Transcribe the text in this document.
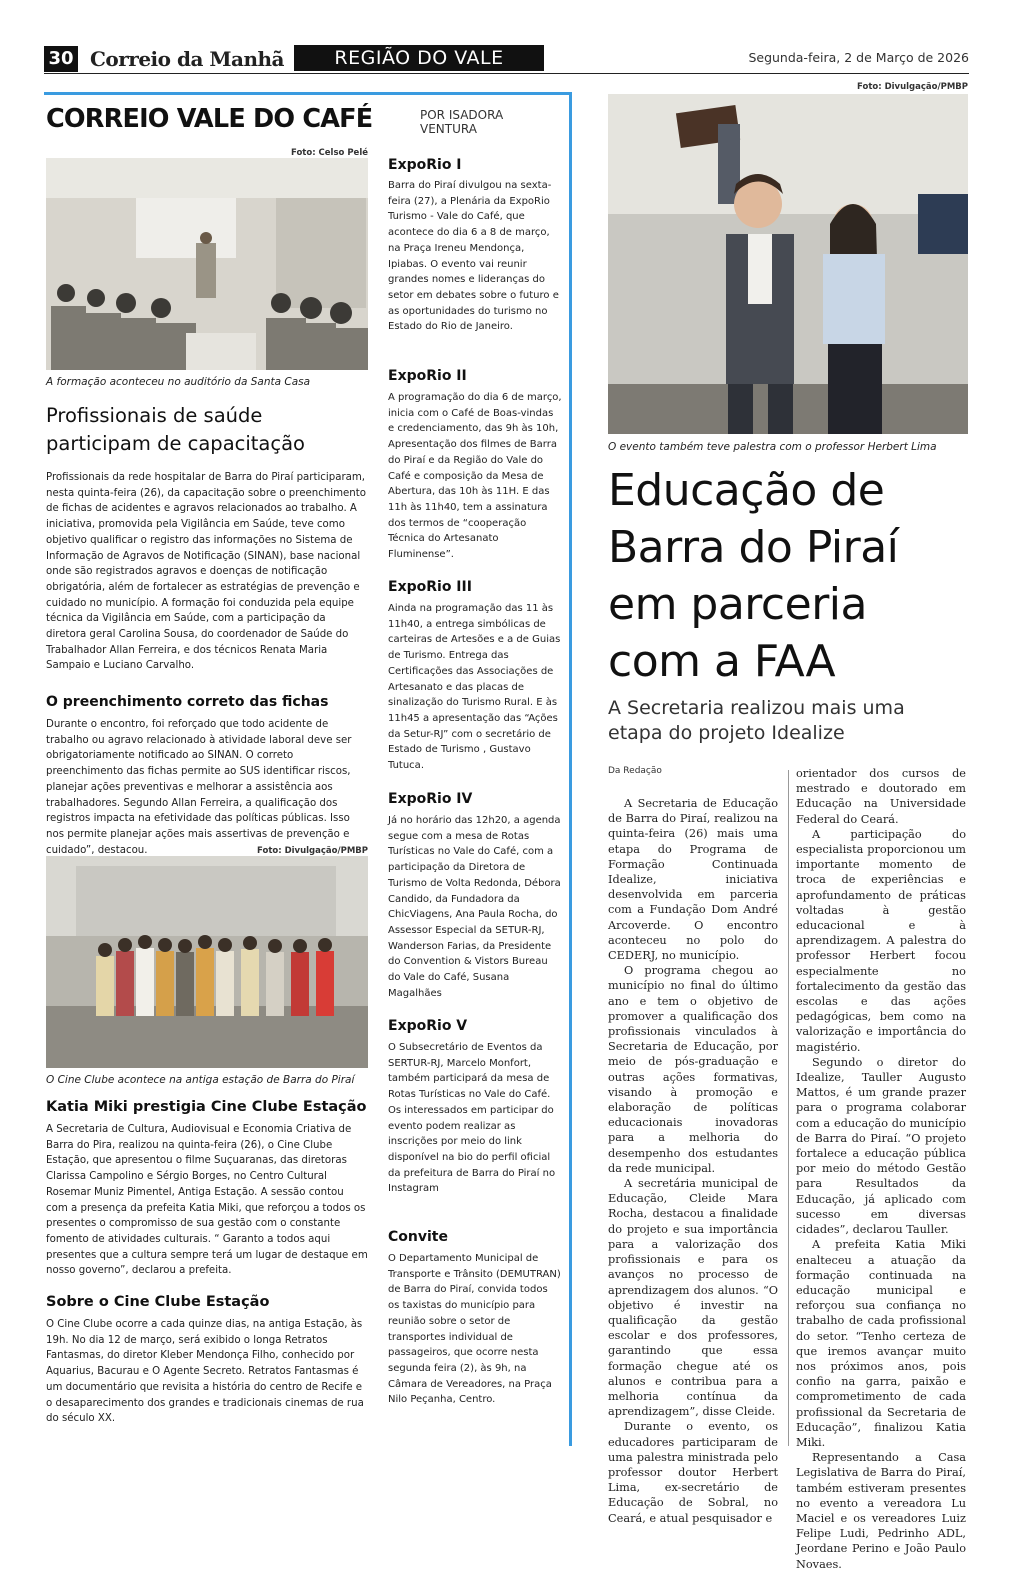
30 Correio da Manhã	REGIÃO DO VALE	Segunda-feira, 2 de Março de 2026
CORREIO VALE DO CAFÉ	POR ISADORA
VENTURA
Foto: Celso Pelé
A formação aconteceu no auditório da Santa Casa
Profissionais de saúde
participam de capacitação
Profissionais da rede hospitalar de Barra do Piraí participaram, nesta quinta-feira (26), da capacitação sobre o preenchimento de fichas de acidentes e agravos relacionados ao trabalho. A iniciativa, promovida pela Vigilância em Saúde, teve como objetivo qualificar o registro das informações no Sistema de Informação de Agravos de Notificação (SINAN), base nacional onde são registrados agravos e doenças de notificação obrigatória, além de fortalecer as estratégias de prevenção e cuidado no município. A formação foi conduzida pela equipe técnica da Vigilância em Saúde, com a participação da diretora geral Carolina Sousa, do coordenador de Saúde do Trabalhador Allan Ferreira, e dos técnicos Renata Maria Sampaio e Luciano Carvalho.
O preenchimento correto das fichas
Durante o encontro, foi reforçado que todo acidente de trabalho ou agravo relacionado à atividade laboral deve ser obrigatoriamente notificado ao SINAN. O correto preenchimento das fichas permite ao SUS identificar riscos, planejar ações preventivas e melhorar a assistência aos trabalhadores. Segundo Allan Ferreira, a qualificação dos registros impacta na efetividade das políticas públicas. Isso nos permite planejar ações mais assertivas de prevenção e cuidado”, destacou.	Foto: Divulgação/PMBP
O Cine Clube acontece na antiga estação de Barra do Piraí
Katia Miki prestigia Cine Clube Estação
A Secretaria de Cultura, Audiovisual e Economia Criativa de Barra do Pira, realizou na quinta-feira (26), o Cine Clube Estação, que apresentou o filme Suçuaranas, das diretoras Clarissa Campolino e Sérgio Borges, no Centro Cultural Rosemar Muniz Pimentel, Antiga Estação. A sessão contou com a presença da prefeita Katia Miki, que reforçou a todos os presentes o compromisso de sua gestão com o constante fomento de atividades culturais. “ Garanto a todos aqui presentes que a cultura sempre terá um lugar de destaque em nosso governo”, declarou a prefeita.
Sobre o Cine Clube Estação
O Cine Clube ocorre a cada quinze dias, na antiga Estação, às 19h. No dia 12 de março, será exibido o longa Retratos Fantasmas, do diretor Kleber Mendonça Filho, conhecido por Aquarius, Bacurau e O Agente Secreto. Retratos Fantasmas é um documentário que revisita a história do centro de Recife e o desaparecimento dos grandes e tradicionais cinemas de rua do século XX.
ExpoRio I
Barra do Piraí divulgou na sexta-feira (27), a Plenária da ExpoRio Turismo - Vale do Café, que acontece do dia 6 a 8 de março, na Praça Ireneu Mendonça, Ipiabas. O evento vai reunir grandes nomes e lideranças do setor em debates sobre o futuro e as oportunidades do turismo no Estado do Rio de Janeiro.
ExpoRio II
A programação do dia 6 de março, inicia com o Café de Boas-vindas e credenciamento, das 9h às 10h, Apresentação dos filmes de Barra do Piraí e da Região do Vale do Café e composição da Mesa de Abertura, das 10h às 11H. E das 11h às 11h40, tem a assinatura dos termos de “cooperação Técnica do Artesanato Fluminense”.
ExpoRio III
Ainda na programação das 11 às 11h40, a entrega simbólicas de carteiras de Artesões e a de Guias de Turismo. Entrega das Certificações das Associações de Artesanato e das placas de sinalização do Turismo Rural. E às 11h45 a apresentação das “Ações da Setur-RJ” com o secretário de Estado de Turismo , Gustavo Tutuca.
ExpoRio IV
Já no horário das 12h20, a agenda segue com a mesa de Rotas Turísticas no Vale do Café, com a participação da Diretora de Turismo de Volta Redonda, Débora Candido, da Fundadora da ChicViagens, Ana Paula Rocha, do Assessor Especial da SETUR-RJ, Wanderson Farias, da Presidente do Convention & Vistors Bureau do Vale do Café, Susana Magalhães
ExpoRio V
O Subsecretário de Eventos da SERTUR-RJ, Marcelo Monfort, também participará da mesa de Rotas Turísticas no Vale do Café. Os interessados em participar do evento podem realizar as inscrições por meio do link disponível na bio do perfil oficial da prefeitura de Barra do Piraí no Instagram
Convite
O Departamento Municipal de Transporte e Trânsito (DEMUTRAN) de Barra do Piraí, convida todos os taxistas do município para reunião sobre o setor de transportes individual de passageiros, que ocorre nesta segunda feira (2), às 9h, na Câmara de Vereadores, na Praça Nilo Peçanha, Centro.
Foto: Divulgação/PMBP
O evento também teve palestra com o professor Herbert Lima
Educação de
Barra do Piraí
em parceria
com a FAA
A Secretaria realizou mais uma
etapa do projeto Idealize
Da Redação

A Secretaria de Educação de Barra do Piraí, realizou na quinta-feira (26) mais uma etapa do Programa de Formação Continuada Idealize, iniciativa desenvolvida em parceria com a Fundação Dom André Arcoverde. O encontro aconteceu no polo do CEDERJ, no município.

O programa chegou ao município no final do último ano e tem o objetivo de promover a qualificação dos profissionais vinculados à Secretaria de Educação, por meio de pós-graduação e outras ações formativas, visando à promoção e elaboração de políticas educacionais inovadoras para a melhoria do desempenho dos estudantes da rede municipal.

A secretária municipal de Educação, Cleide Mara Rocha, destacou a finalidade do projeto e sua importância para a valorização dos profissionais e para os avanços no processo de aprendizagem dos alunos. “O objetivo é investir na qualificação da gestão escolar e dos professores, garantindo que essa formação chegue até os alunos e contribua para a melhoria contínua da aprendizagem”, disse Cleide.

Durante o evento, os educadores participaram de uma palestra ministrada pelo professor doutor Herbert Lima, ex-secretário de Educação de Sobral, no Ceará, e atual pesquisador e

orientador dos cursos de mestrado e doutorado em Educação na Universidade Federal do Ceará.

A participação do especialista proporcionou um importante momento de troca de experiências e aprofundamento de práticas voltadas à gestão educacional e à aprendizagem. A palestra do professor Herbert focou especialmente no fortalecimento da gestão das escolas e das ações pedagógicas, bem como na valorização e importância do magistério.

Segundo o diretor do Idealize, Tauller Augusto Mattos, é um grande prazer para o programa colaborar com a educação do município de Barra do Piraí. “O projeto fortalece a educação pública por meio do método Gestão para Resultados da Educação, já aplicado com sucesso em diversas cidades”, declarou Tauller.

A prefeita Katia Miki enalteceu a atuação da formação continuada na educação municipal e reforçou sua confiança no trabalho de cada profissional do setor. “Tenho certeza de que iremos avançar muito nos próximos anos, pois confio na garra, paixão e comprometimento de cada profissional da Secretaria de Educação”, finalizou Katia Miki.

Representando a Casa Legislativa de Barra do Piraí, também estiveram presentes no evento a vereadora Lu Maciel e os vereadores Luiz Felipe Ludi, Pedrinho ADL, Jeordane Perino e João Paulo Novaes.
